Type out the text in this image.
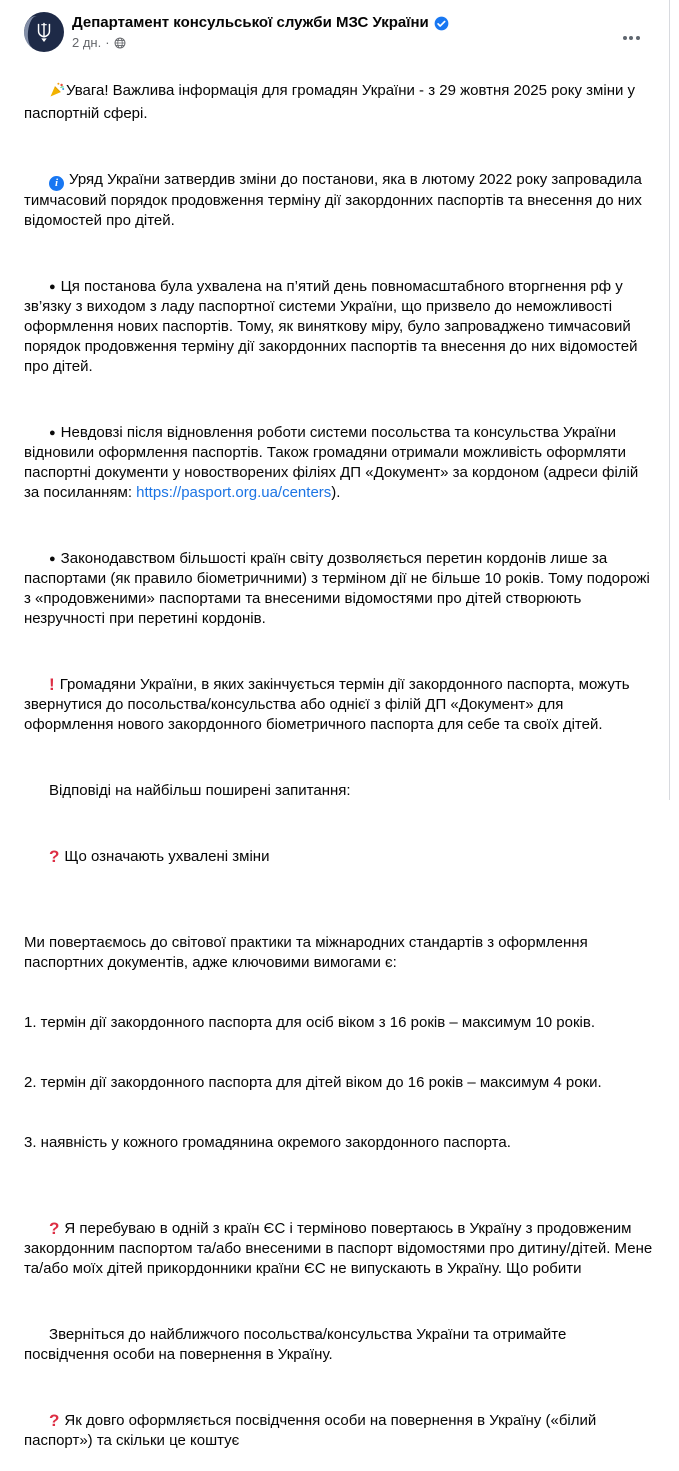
Департамент консульської служби МЗС України
2 дн. ·

Увага! Важлива інформація для громадян України - з 29 жовтня 2025 року зміни у паспортній сфері.

i Уряд України затвердив зміни до постанови, яка в лютому 2022 року запровадила тимчасовий порядок продовження терміну дії закордонних паспортів та внесення до них відомостей про дітей.

● Ця постанова була ухвалена на п’ятий день повномасштабного вторгнення рф у зв’язку з виходом з ладу паспортної системи України, що призвело до неможливості оформлення нових паспортів. Тому, як виняткову міру, було запроваджено тимчасовий порядок продовження терміну дії закордонних паспортів та внесення до них відомостей про дітей.

● Невдовзі після відновлення роботи системи посольства та консульства України відновили оформлення паспортів. Також громадяни отримали можливість оформляти паспортні документи у новостворених філіях ДП «Документ» за кордоном (адреси філій за посиланням: https://pasport.org.ua/centers).

● Законодавством більшості країн світу дозволяється перетин кордонів лише за паспортами (як правило біометричними) з терміном дії не більше 10 років. Тому подорожі з «продовженими» паспортами та внесеними відомостями про дітей створюють незручності при перетині кордонів.

! Громадяни України, в яких закінчується термін дії закордонного паспорта, можуть звернутися до посольства/консульства або однієї з філій ДП «Документ» для оформлення нового закордонного біометричного паспорта для себе та своїх дітей.

Відповіді на найбільш поширені запитання:

? Що означають ухвалені зміни

Ми повертаємось до світової практики та міжнародних стандартів з оформлення паспортних документів, адже ключовими вимогами є:

1. термін дії закордонного паспорта для осіб віком з 16 років – максимум 10 років.

2. термін дії закордонного паспорта для дітей віком до 16 років – максимум 4 роки.

3. наявність у кожного громадянина окремого закордонного паспорта.

? Я перебуваю в одній з країн ЄС і терміново повертаюсь в Україну з продовженим закордонним паспортом та/або внесеними в паспорт відомостями про дитину/дітей. Мене та/або моїх дітей прикордонники країни ЄС не випускають в Україну. Що робити

Зверніться до найближчого посольства/консульства України та отримайте посвідчення особи на повернення в Україну.

? Як довго оформляється посвідчення особи на повернення в Україну («білий паспорт») та скільки це коштує
